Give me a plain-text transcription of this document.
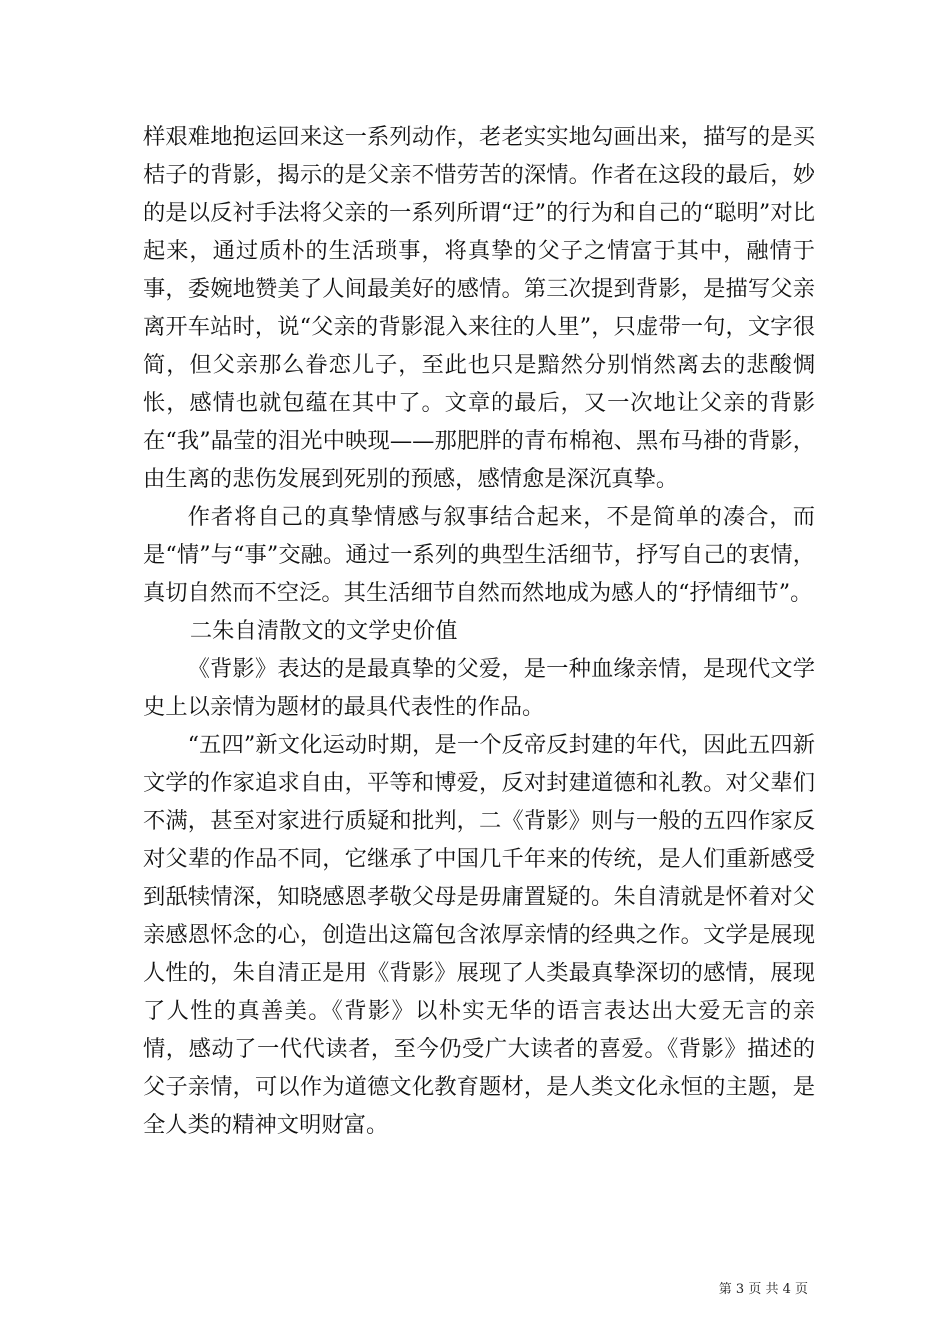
样艰难地抱运回来这一系列动作，老老实实地勾画出来，描写的是买桔子的背影，揭示的是父亲不惜劳苦的深情。作者在这段的最后，妙的是以反衬手法将父亲的一系列所谓“迂”的行为和自己的“聪明”对比起来，通过质朴的生活琐事，将真挚的父子之情富于其中，融情于事，委婉地赞美了人间最美好的感情。第三次提到背影，是描写父亲离开车站时，说“父亲的背影混入来往的人里”，只虚带一句，文字很简，但父亲那么眷恋儿子，至此也只是黯然分别悄然离去的悲酸惆怅，感情也就包蕴在其中了。文章的最后，又一次地让父亲的背影在“我”晶莹的泪光中映现——那肥胖的青布棉袍、黑布马褂的背影，由生离的悲伤发展到死别的预感，感情愈是深沉真挚。

作者将自己的真挚情感与叙事结合起来，不是简单的凑合，而是“情”与“事”交融。通过一系列的典型生活细节，抒写自己的衷情，真切自然而不空泛。其生活细节自然而然地成为感人的“抒情细节”。

二朱自清散文的文学史价值

《背影》表达的是最真挚的父爱，是一种血缘亲情，是现代文学史上以亲情为题材的最具代表性的作品。

“五四”新文化运动时期，是一个反帝反封建的年代，因此五四新文学的作家追求自由，平等和博爱，反对封建道德和礼教。对父辈们不满，甚至对家进行质疑和批判，二《背影》则与一般的五四作家反对父辈的作品不同，它继承了中国几千年来的传统，是人们重新感受到舐犊情深，知晓感恩孝敬父母是毋庸置疑的。朱自清就是怀着对父亲感恩怀念的心，创造出这篇包含浓厚亲情的经典之作。文学是展现人性的，朱自清正是用《背影》展现了人类最真挚深切的感情，展现了人性的真善美。《背影》以朴实无华的语言表达出大爱无言的亲情，感动了一代代读者，至今仍受广大读者的喜爱。《背影》描述的父子亲情，可以作为道德文化教育题材，是人类文化永恒的主题，是全人类的精神文明财富。

第 3 页 共 4 页
